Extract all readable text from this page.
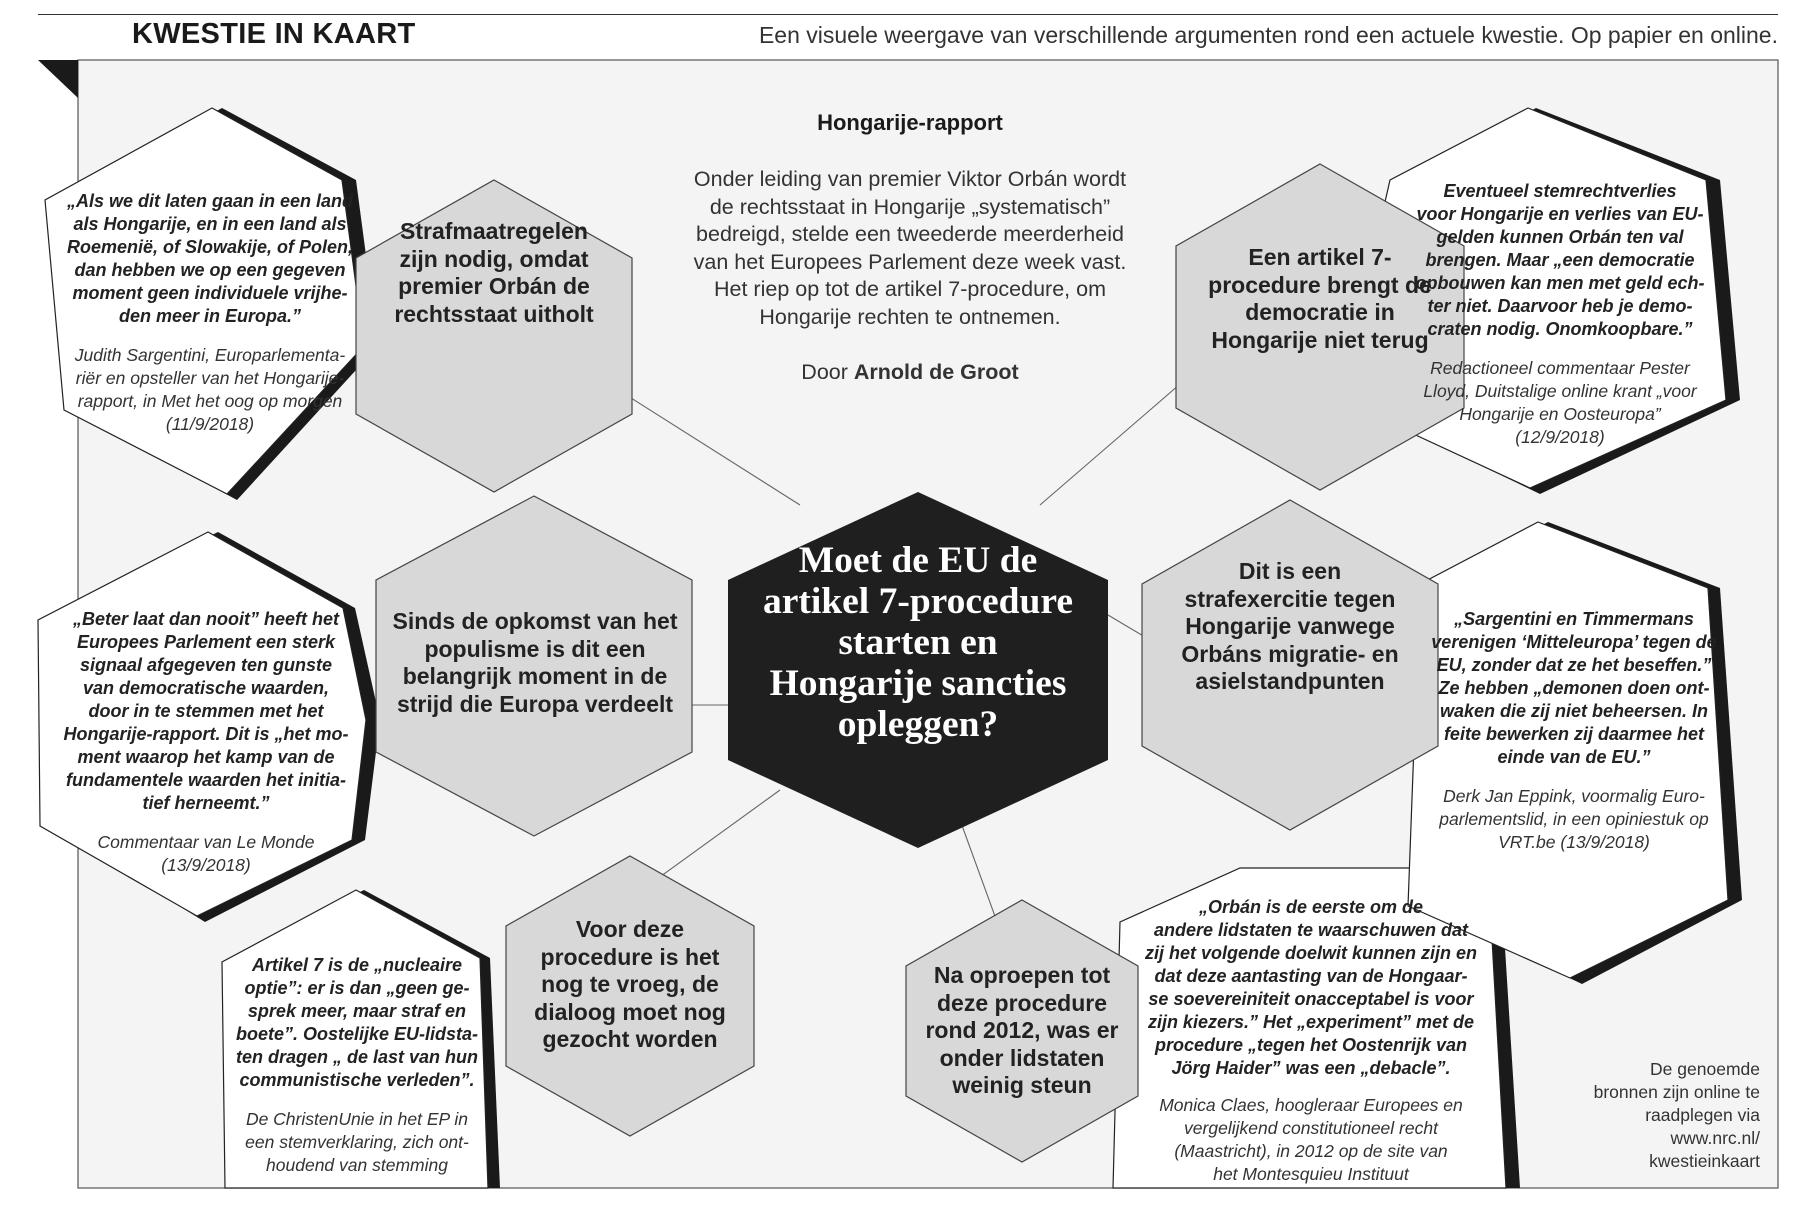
KWESTIE IN KAART	Een visuele weergave van verschillende argumenten rond een actuele kwestie. Op papier en online.
Hongarije-rapport
Onder leiding van premier Viktor Orbán wordt
de rechtsstaat in Hongarije „systematisch”
bedreigd, stelde een tweederde meerderheid
van het Europees Parlement deze week vast.
Het riep op tot de artikel 7-procedure, om
Hongarije rechten te ontnemen.
Door Arnold de Groot
Moet de EU de
artikel 7-procedure
starten en
Hongarije sancties
opleggen?
Strafmaatregelen
zijn nodig, omdat
premier Orbán de
rechtsstaat uitholt
Sinds de opkomst van het
populisme is dit een
belangrijk moment in de
strijd die Europa verdeelt
Voor deze
procedure is het
nog te vroeg, de
dialoog moet nog
gezocht worden
Na oproepen tot
deze procedure
rond 2012, was er
onder lidstaten
weinig steun
Dit is een
strafexercitie tegen
Hongarije vanwege
Orbáns migratie- en
asielstandpunten
Een artikel 7-
procedure brengt de
democratie in
Hongarije niet terug
„Als we dit laten gaan in een land
als Hongarije, en in een land als
Roemenië, of Slowakije, of Polen,
dan hebben we op een gegeven
moment geen individuele vrijhe-
den meer in Europa.”
Judith Sargentini, Europarlementa-
riër en opsteller van het Hongarije-
rapport, in Met het oog op morgen
(11/9/2018)
„Beter laat dan nooit” heeft het
Europees Parlement een sterk
signaal afgegeven ten gunste
van democratische waarden,
door in te stemmen met het
Hongarije-rapport. Dit is „het mo-
ment waarop het kamp van de
fundamentele waarden het initia-
tief herneemt.”
Commentaar van Le Monde
(13/9/2018)
Artikel 7 is de „nucleaire
optie”: er is dan „geen ge-
sprek meer, maar straf en
boete”. Oostelijke EU-lidsta-
ten dragen „ de last van hun
communistische verleden”.
De ChristenUnie in het EP in
een stemverklaring, zich ont-
houdend van stemming
„Orbán is de eerste om de
andere lidstaten te waarschuwen dat
zij het volgende doelwit kunnen zijn en
dat deze aantasting van de Hongaar-
se soevereiniteit onacceptabel is voor
zijn kiezers.” Het „experiment” met de
procedure „tegen het Oostenrijk van
Jörg Haider” was een „debacle”.
Monica Claes, hoogleraar Europees en
vergelijkend constitutioneel recht
(Maastricht), in 2012 op de site van
het Montesquieu Instituut
„Sargentini en Timmermans
verenigen ‘Mitteleuropa’ tegen de
EU, zonder dat ze het beseffen.”
Ze hebben „demonen doen ont-
waken die zij niet beheersen. In
feite bewerken zij daarmee het
einde van de EU.”
Derk Jan Eppink, voormalig Euro-
parlementslid, in een opiniestuk op
VRT.be (13/9/2018)
Eventueel stemrechtverlies
voor Hongarije en verlies van EU-
gelden kunnen Orbán ten val
brengen. Maar „een democratie
opbouwen kan men met geld ech-
ter niet. Daarvoor heb je demo-
craten nodig. Onomkoopbare.”
Redactioneel commentaar Pester
Lloyd, Duitstalige online krant „voor
Hongarije en Oosteuropa”
(12/9/2018)
De genoemde
bronnen zijn online te
raadplegen via
www.nrc.nl/
kwestieinkaart
